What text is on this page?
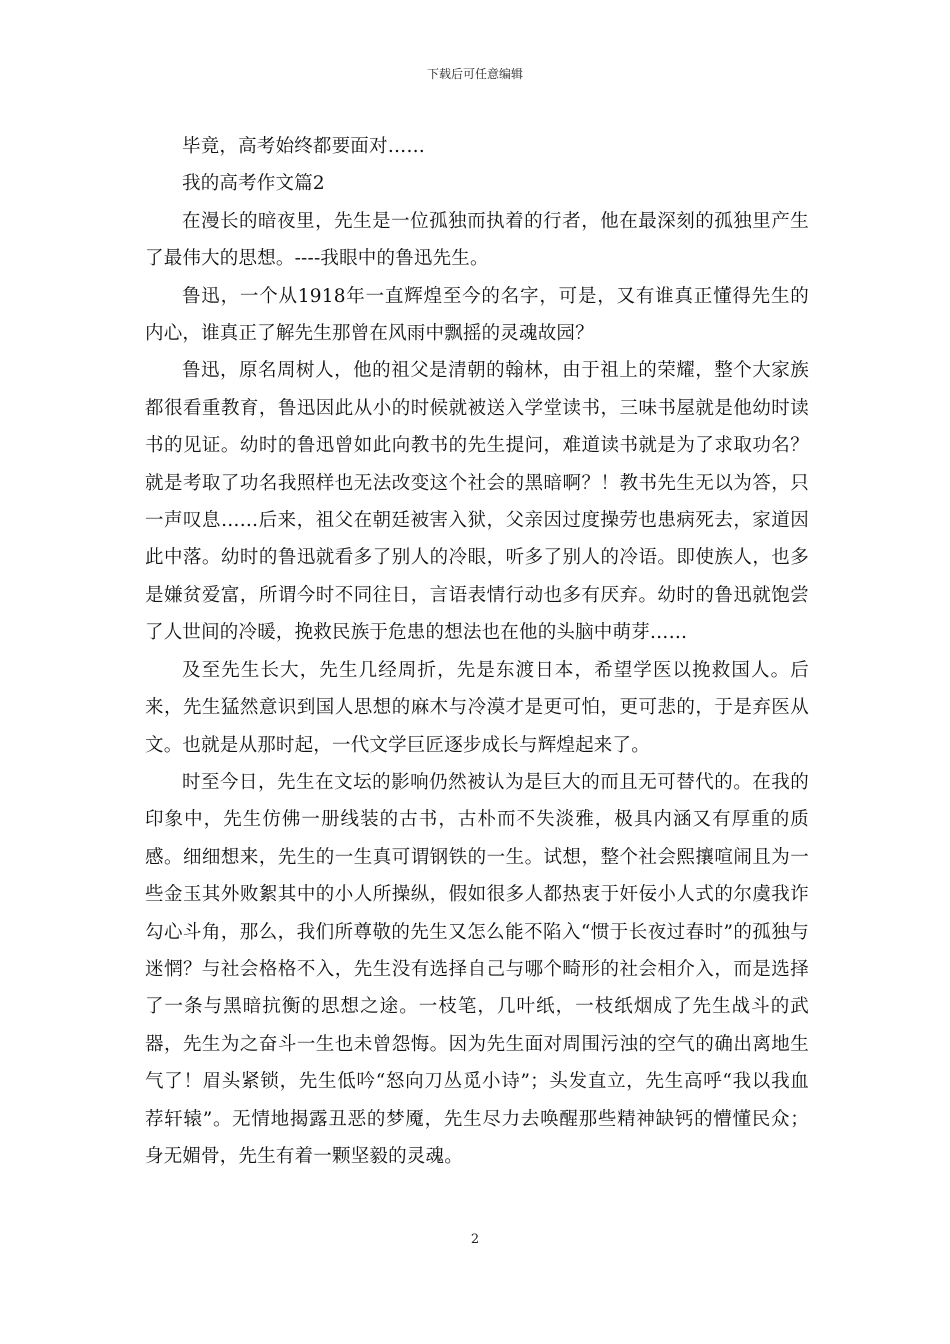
下载后可任意编辑

毕竟，高考始终都要面对……

我的高考作文篇2

在漫长的暗夜里，先生是一位孤独而执着的行者，他在最深刻的孤独里产生了最伟大的思想。----我眼中的鲁迅先生。

鲁迅，一个从1918年一直辉煌至今的名字，可是，又有谁真正懂得先生的内心，谁真正了解先生那曾在风雨中飘摇的灵魂故园？

鲁迅，原名周树人，他的祖父是清朝的翰林，由于祖上的荣耀，整个大家族都很看重教育，鲁迅因此从小的时候就被送入学堂读书，三味书屋就是他幼时读书的见证。幼时的鲁迅曾如此向教书的先生提问，难道读书就是为了求取功名？就是考取了功名我照样也无法改变这个社会的黑暗啊？！教书先生无以为答，只一声叹息……后来，祖父在朝廷被害入狱，父亲因过度操劳也患病死去，家道因此中落。幼时的鲁迅就看多了别人的冷眼，听多了别人的冷语。即使族人，也多是嫌贫爱富，所谓今时不同往日，言语表情行动也多有厌弃。幼时的鲁迅就饱尝了人世间的冷暖，挽救民族于危患的想法也在他的头脑中萌芽……

及至先生长大，先生几经周折，先是东渡日本，希望学医以挽救国人。后来，先生猛然意识到国人思想的麻木与冷漠才是更可怕，更可悲的，于是弃医从文。也就是从那时起，一代文学巨匠逐步成长与辉煌起来了。

时至今日，先生在文坛的影响仍然被认为是巨大的而且无可替代的。在我的印象中，先生仿佛一册线装的古书，古朴而不失淡雅，极具内涵又有厚重的质感。细细想来，先生的一生真可谓钢铁的一生。试想，整个社会熙攘喧闹且为一些金玉其外败絮其中的小人所操纵，假如很多人都热衷于奸佞小人式的尔虞我诈勾心斗角，那么，我们所尊敬的先生又怎么能不陷入“惯于长夜过春时”的孤独与迷惘？与社会格格不入，先生没有选择自己与哪个畸形的社会相介入，而是选择了一条与黑暗抗衡的思想之途。一枝笔，几叶纸，一枝纸烟成了先生战斗的武器，先生为之奋斗一生也未曾怨悔。因为先生面对周围污浊的空气的确出离地生气了！眉头紧锁，先生低吟“怒向刀丛觅小诗”；头发直立，先生高呼“我以我血荐轩辕”。无情地揭露丑恶的梦魇，先生尽力去唤醒那些精神缺钙的懵懂民众；身无媚骨，先生有着一颗坚毅的灵魂。

2
